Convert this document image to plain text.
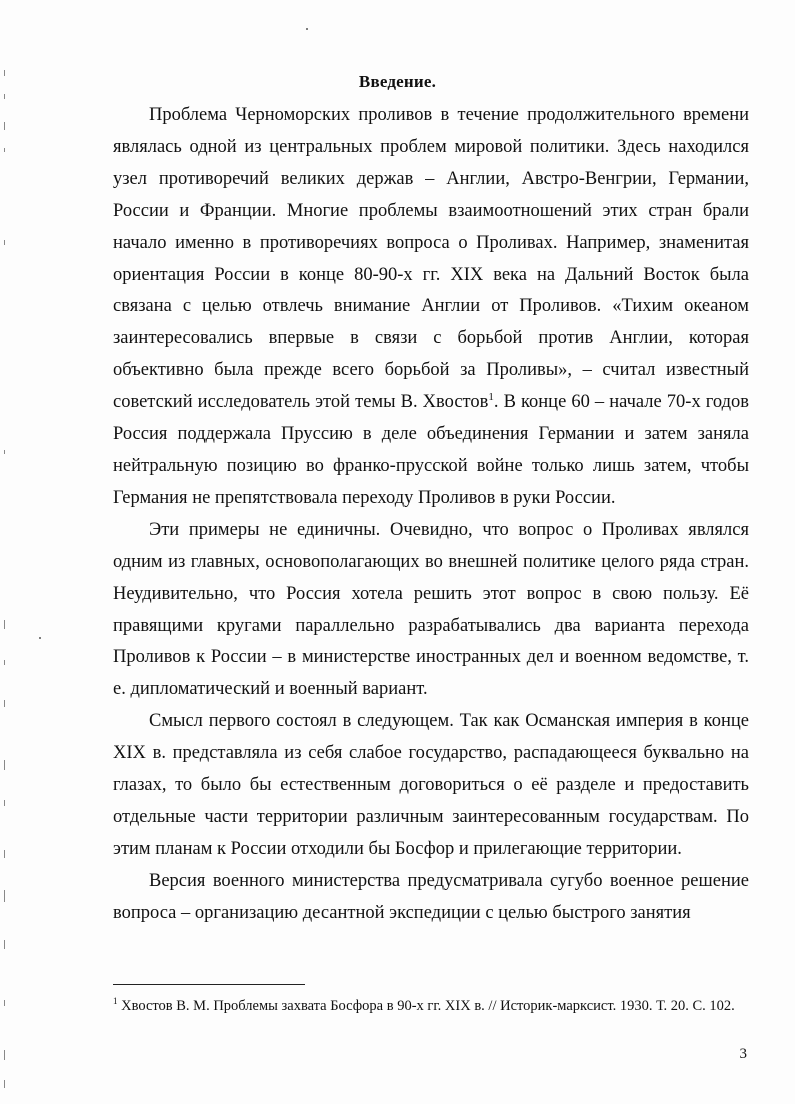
Введение.

Проблема Черноморских проливов в течение продолжительного времени являлась одной из центральных проблем мировой политики. Здесь находился узел противоречий великих держав – Англии, Австро-Венгрии, Германии, России и Франции. Многие проблемы взаимоотношений этих стран брали начало именно в противоречиях вопроса о Проливах. Например, знаменитая ориентация России в конце 80-90-х гг. XIX века на Дальний Восток была связана с целью отвлечь внимание Англии от Проливов. «Тихим океаном заинтересовались впервые в связи с борьбой против Англии, которая объективно была прежде всего борьбой за Проливы», – считал известный советский исследователь этой темы В. Хвостов$^1$. В конце 60 – начале 70-х годов Россия поддержала Пруссию в деле объединения Германии и затем заняла нейтральную позицию во франко-прусской войне только лишь затем, чтобы Германия не препятствовала переходу Проливов в руки России.

Эти примеры не единичны. Очевидно, что вопрос о Проливах являлся одним из главных, основополагающих во внешней политике целого ряда стран. Неудивительно, что Россия хотела решить этот вопрос в свою пользу. Её правящими кругами параллельно разрабатывались два варианта перехода Проливов к России – в министерстве иностранных дел и военном ведомстве, т. е. дипломатический и военный вариант.

Смысл первого состоял в следующем. Так как Османская империя в конце XIX в. представляла из себя слабое государство, распадающееся буквально на глазах, то было бы естественным договориться о её разделе и предоставить отдельные части территории различным заинтересованным государствам. По этим планам к России отходили бы Босфор и прилегающие территории.

Версия военного министерства предусматривала сугубо военное решение вопроса – организацию десантной экспедиции с целью быстрого занятия

$^1$ Хвостов В. М. Проблемы захвата Босфора в 90-х гг. XIX в. // Историк-марксист. 1930. Т. 20. С. 102.
3
